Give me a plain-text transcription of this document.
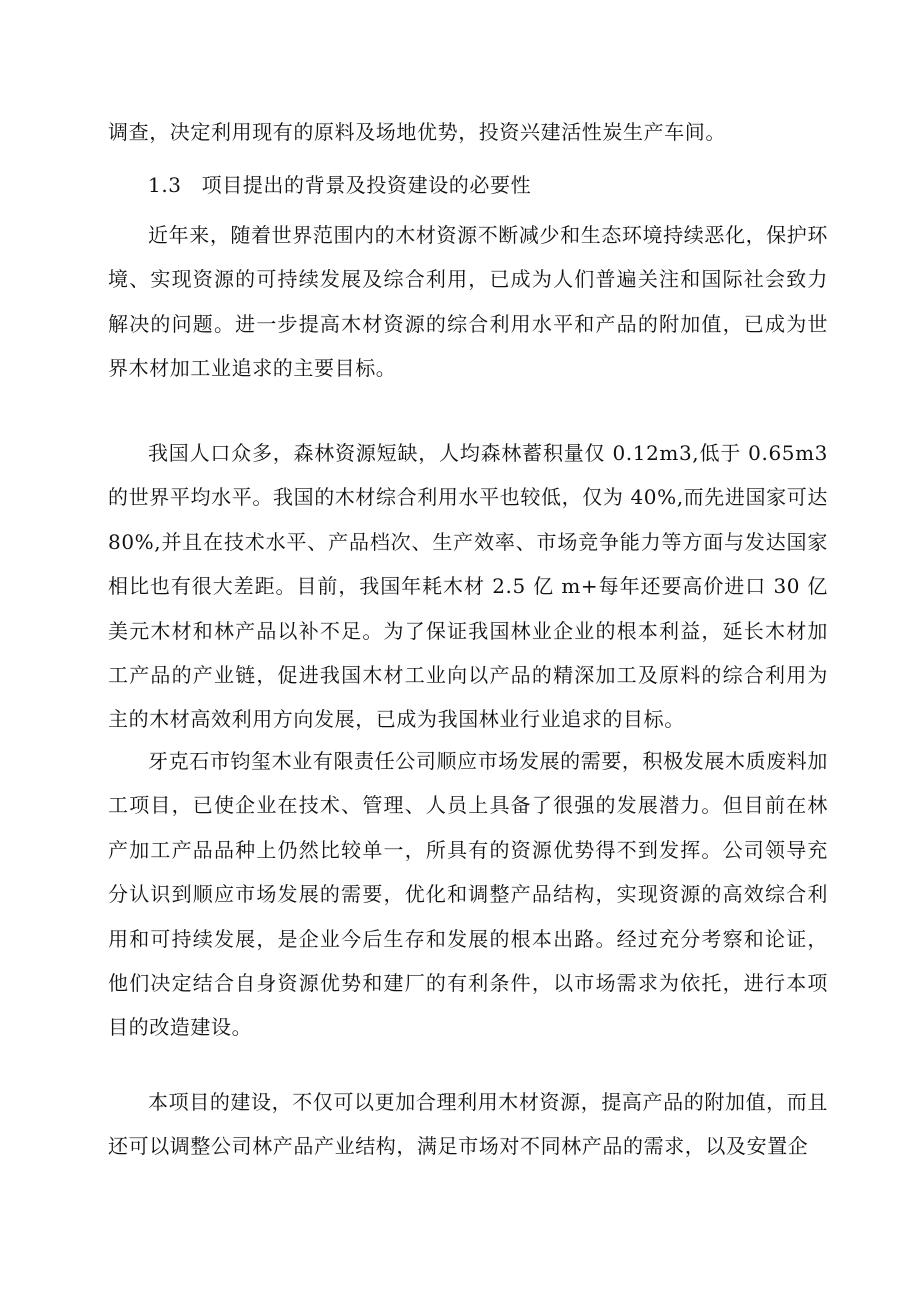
调查，决定利用现有的原料及场地优势，投资兴建活性炭生产车间。

1.3 项目提出的背景及投资建设的必要性

近年来，随着世界范围内的木材资源不断减少和生态环境持续恶化，保护环境、实现资源的可持续发展及综合利用，已成为人们普遍关注和国际社会致力解决的问题。进一步提高木材资源的综合利用水平和产品的附加值，已成为世界木材加工业追求的主要目标。

我国人口众多，森林资源短缺，人均森林蓄积量仅 0.12m3,低于 0.65m3 的世界平均水平。我国的木材综合利用水平也较低，仅为 40%,而先进国家可达 80%,并且在技术水平、产品档次、生产效率、市场竞争能力等方面与发达国家相比也有很大差距。目前，我国年耗木材 2.5 亿 m+每年还要高价进口 30 亿美元木材和林产品以补不足。为了保证我国林业企业的根本利益，延长木材加工产品的产业链，促进我国木材工业向以产品的精深加工及原料的综合利用为主的木材高效利用方向发展，已成为我国林业行业追求的目标。

牙克石市钧玺木业有限责任公司顺应市场发展的需要，积极发展木质废料加工项目，已使企业在技术、管理、人员上具备了很强的发展潜力。但目前在林产加工产品品种上仍然比较单一，所具有的资源优势得不到发挥。公司领导充分认识到顺应市场发展的需要，优化和调整产品结构，实现资源的高效综合利用和可持续发展，是企业今后生存和发展的根本出路。经过充分考察和论证，他们决定结合自身资源优势和建厂的有利条件，以市场需求为依托，进行本项目的改造建设。

本项目的建设，不仅可以更加合理利用木材资源，提高产品的附加值，而且还可以调整公司林产品产业结构，满足市场对不同林产品的需求，以及安置企
